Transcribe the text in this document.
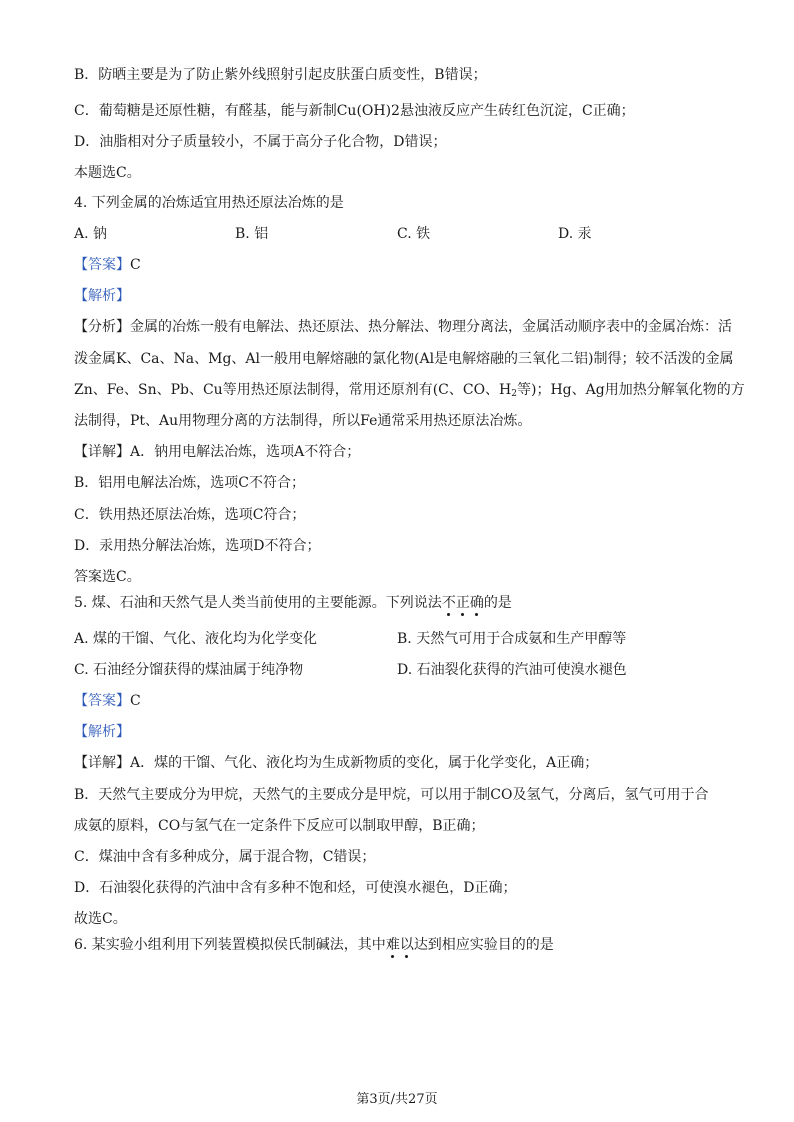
B．防晒主要是为了防止紫外线照射引起皮肤蛋白质变性，B错误；
C．葡萄糖是还原性糖，有醛基，能与新制Cu(OH)2悬浊液反应产生砖红色沉淀，C正确；
D．油脂相对分子质量较小，不属于高分子化合物，D错误；
本题选C。
4. 下列金属的冶炼适宜用热还原法冶炼的是
A. 钠	B. 铝	C. 铁	D. 汞
【答案】C
【解析】
【分析】金属的冶炼一般有电解法、热还原法、热分解法、物理分离法，金属活动顺序表中的金属冶炼：活
泼金属K、Ca、Na、Mg、Al一般用电解熔融的氯化物(Al是电解熔融的三氧化二铝)制得；较不活泼的金属
Zn、Fe、Sn、Pb、Cu等用热还原法制得，常用还原剂有(C、CO、$H_2$等)；Hg、Ag用加热分解氧化物的方
法制得，Pt、Au用物理分离的方法制得，所以Fe通常采用热还原法冶炼。
【详解】A．钠用电解法冶炼，选项A不符合；
B．铝用电解法冶炼，选项C不符合；
C．铁用热还原法冶炼，选项C符合；
D．汞用热分解法冶炼，选项D不符合；
答案选C。
5. 煤、石油和天然气是人类当前使用的主要能源。下列说法不正确的是
A. 煤的干馏、气化、液化均为化学变化	B. 天然气可用于合成氨和生产甲醇等
C. 石油经分馏获得的煤油属于纯净物	D. 石油裂化获得的汽油可使溴水褪色
【答案】C
【解析】
【详解】A．煤的干馏、气化、液化均为生成新物质的变化，属于化学变化，A正确；
B．天然气主要成分为甲烷，天然气的主要成分是甲烷，可以用于制CO及氢气，分离后，氢气可用于合
成氨的原料，CO与氢气在一定条件下反应可以制取甲醇，B正确；
C．煤油中含有多种成分，属于混合物，C错误；
D．石油裂化获得的汽油中含有多种不饱和烃，可使溴水褪色，D正确；
故选C。
6. 某实验小组利用下列装置模拟侯氏制碱法，其中难以达到相应实验目的的是
第3页/共27页
